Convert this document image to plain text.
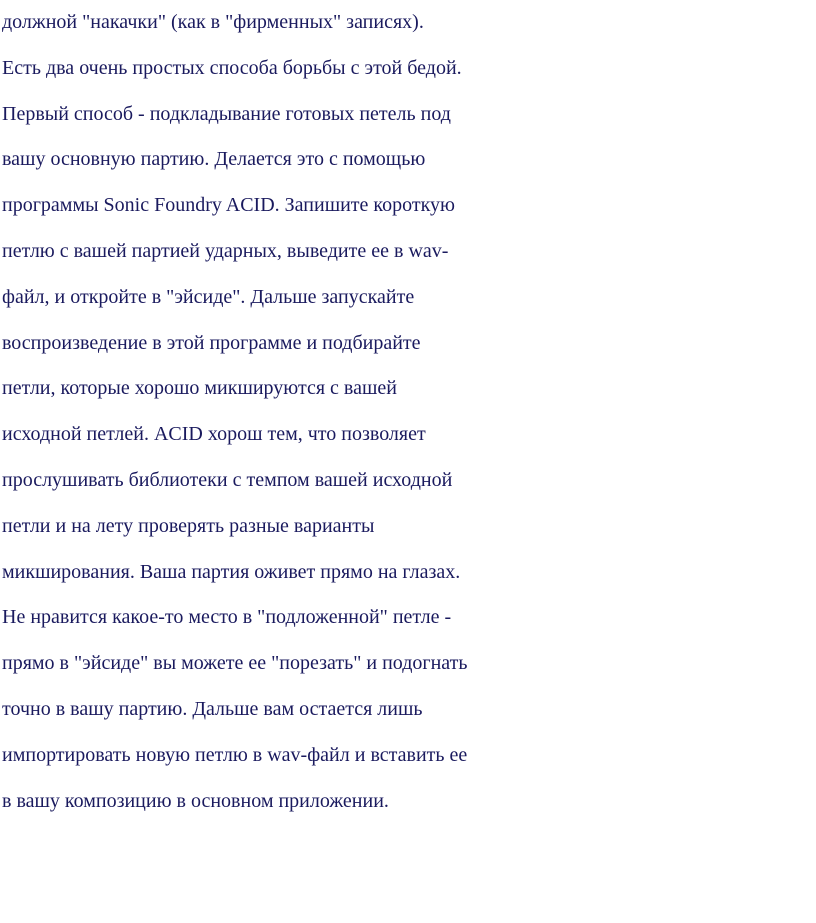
должной "накачки" (как в "фирменных" записях).
Есть два очень простых способа борьбы с этой бедой.
Первый способ - подкладывание готовых петель под
вашу основную партию. Делается это с помощью
программы Sonic Foundry ACID. Запишите короткую
петлю с вашей партией ударных, выведите ее в wav-
файл, и откройте в "эйсиде". Дальше запускайте
воспроизведение в этой программе и подбирайте
петли, которые хорошо микшируются с вашей
исходной петлей. ACID хорош тем, что позволяет
прослушивать библиотеки с темпом вашей исходной
петли и на лету проверять разные варианты
микширования. Ваша партия оживет прямо на глазах.
Не нравится какое-то место в "подложенной" петле -
прямо в "эйсиде" вы можете ее "порезать" и подогнать
точно в вашу партию. Дальше вам остается лишь
импортировать новую петлю в wav-файл и вставить ее
в вашу композицию в основном приложении.
